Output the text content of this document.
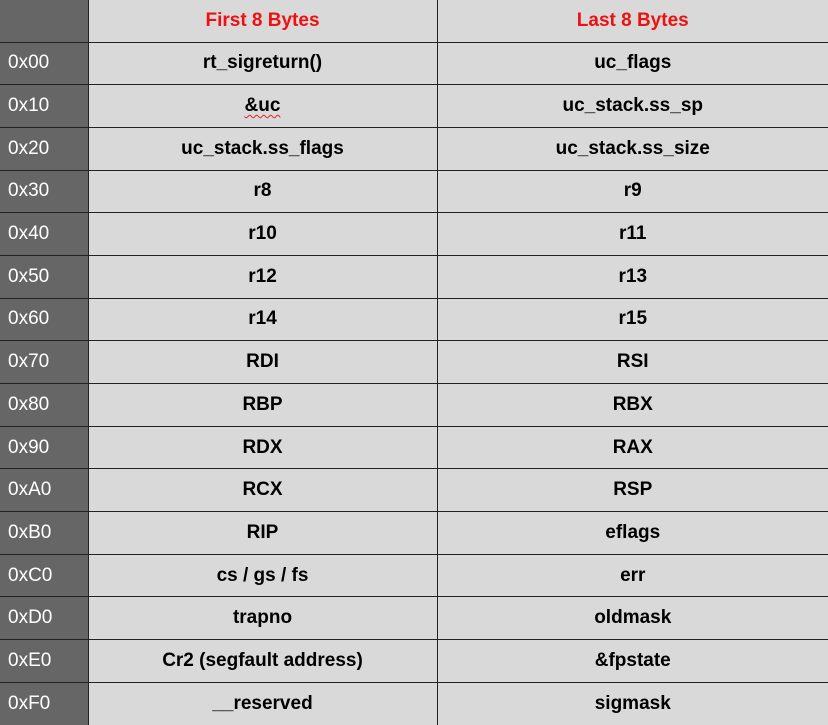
	First 8 Bytes	Last 8 Bytes
0x00	rt_sigreturn()	uc_flags
0x10	&uc	uc_stack.ss_sp
0x20	uc_stack.ss_flags	uc_stack.ss_size
0x30	r8	r9
0x40	r10	r11
0x50	r12	r13
0x60	r14	r15
0x70	RDI	RSI
0x80	RBP	RBX
0x90	RDX	RAX
0xA0	RCX	RSP
0xB0	RIP	eflags
0xC0	cs / gs / fs	err
0xD0	trapno	oldmask
0xE0	Cr2 (segfault address)	&fpstate
0xF0	__reserved	sigmask
